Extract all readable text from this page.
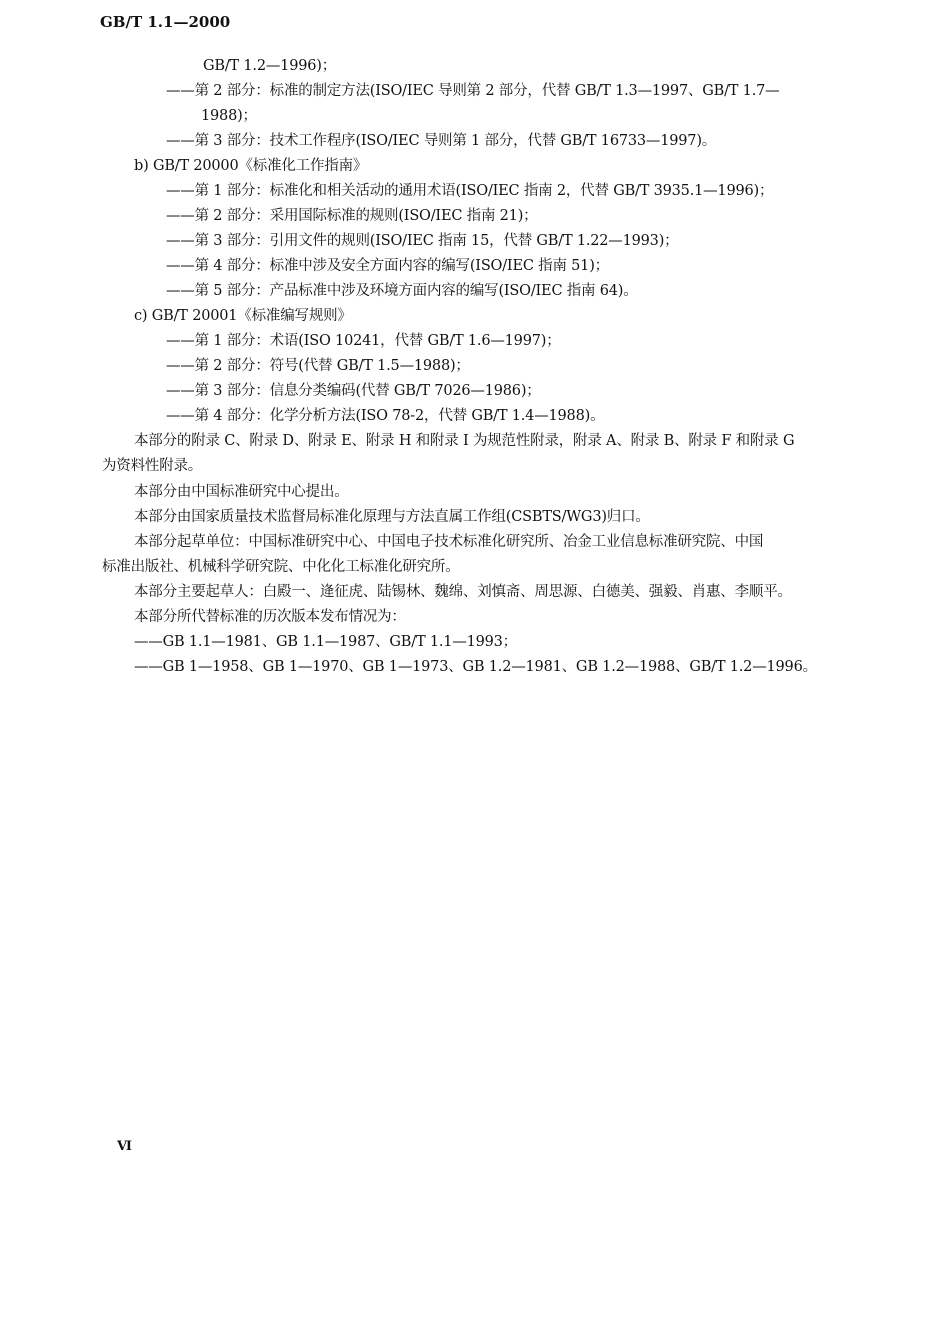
GB/T 1.1—2000
GB/T 1.2—1996)；
——第 2 部分：标准的制定方法(ISO/IEC 导则第 2 部分，代替 GB/T 1.3—1997、GB/T 1.7—
1988)；
——第 3 部分：技术工作程序(ISO/IEC 导则第 1 部分，代替 GB/T 16733—1997)。
b) GB/T 20000《标准化工作指南》
——第 1 部分：标准化和相关活动的通用术语(ISO/IEC 指南 2，代替 GB/T 3935.1—1996)；
——第 2 部分：采用国际标准的规则(ISO/IEC 指南 21)；
——第 3 部分：引用文件的规则(ISO/IEC 指南 15，代替 GB/T 1.22—1993)；
——第 4 部分：标准中涉及安全方面内容的编写(ISO/IEC 指南 51)；
——第 5 部分：产品标准中涉及环境方面内容的编写(ISO/IEC 指南 64)。
c) GB/T 20001《标准编写规则》
——第 1 部分：术语(ISO 10241，代替 GB/T 1.6—1997)；
——第 2 部分：符号(代替 GB/T 1.5—1988)；
——第 3 部分：信息分类编码(代替 GB/T 7026—1986)；
——第 4 部分：化学分析方法(ISO 78-2，代替 GB/T 1.4—1988)。
本部分的附录 C、附录 D、附录 E、附录 H 和附录 I 为规范性附录，附录 A、附录 B、附录 F 和附录 G
为资料性附录。
本部分由中国标准研究中心提出。
本部分由国家质量技术监督局标准化原理与方法直属工作组(CSBTS/WG3)归口。
本部分起草单位：中国标准研究中心、中国电子技术标准化研究所、冶金工业信息标准研究院、中国
标准出版社、机械科学研究院、中化化工标准化研究所。
本部分主要起草人：白殿一、逄征虎、陆锡林、魏绵、刘慎斋、周思源、白德美、强毅、肖惠、李顺平。
本部分所代替标准的历次版本发布情况为：
——GB 1.1—1981、GB 1.1—1987、GB/T 1.1—1993；
——GB 1—1958、GB 1—1970、GB 1—1973、GB 1.2—1981、GB 1.2—1988、GB/T 1.2—1996。
Ⅵ
